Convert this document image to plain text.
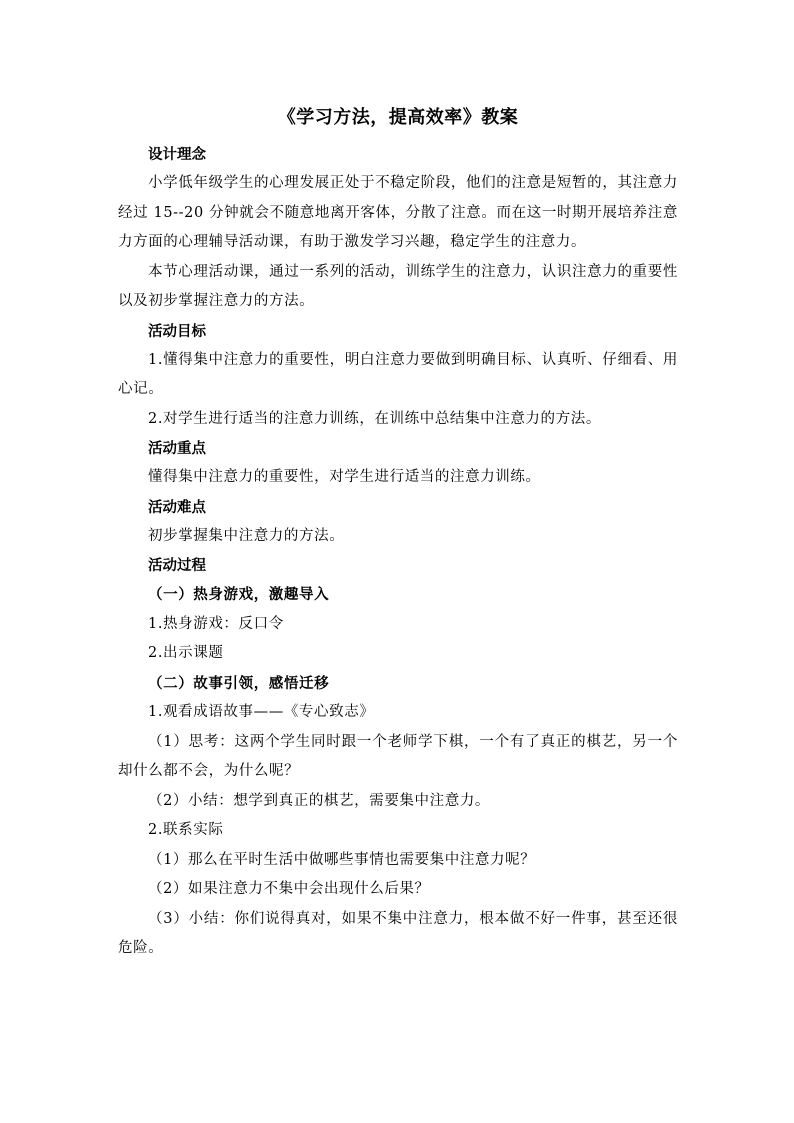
《学习方法，提高效率》教案

设计理念

小学低年级学生的心理发展正处于不稳定阶段，他们的注意是短暂的，其注意力经过 15--20 分钟就会不随意地离开客体，分散了注意。而在这一时期开展培养注意力方面的心理辅导活动课，有助于激发学习兴趣，稳定学生的注意力。

本节心理活动课，通过一系列的活动，训练学生的注意力，认识注意力的重要性以及初步掌握注意力的方法。

活动目标

1.懂得集中注意力的重要性，明白注意力要做到明确目标、认真听、仔细看、用心记。

2.对学生进行适当的注意力训练，在训练中总结集中注意力的方法。

活动重点

懂得集中注意力的重要性，对学生进行适当的注意力训练。

活动难点

初步掌握集中注意力的方法。

活动过程

（一）热身游戏，激趣导入

1.热身游戏：反口令

2.出示课题

（二）故事引领，感悟迁移

1.观看成语故事——《专心致志》

（1）思考：这两个学生同时跟一个老师学下棋，一个有了真正的棋艺，另一个却什么都不会，为什么呢？

（2）小结：想学到真正的棋艺，需要集中注意力。

2.联系实际

（1）那么在平时生活中做哪些事情也需要集中注意力呢？

（2）如果注意力不集中会出现什么后果？

（3）小结：你们说得真对，如果不集中注意力，根本做不好一件事，甚至还很危险。
